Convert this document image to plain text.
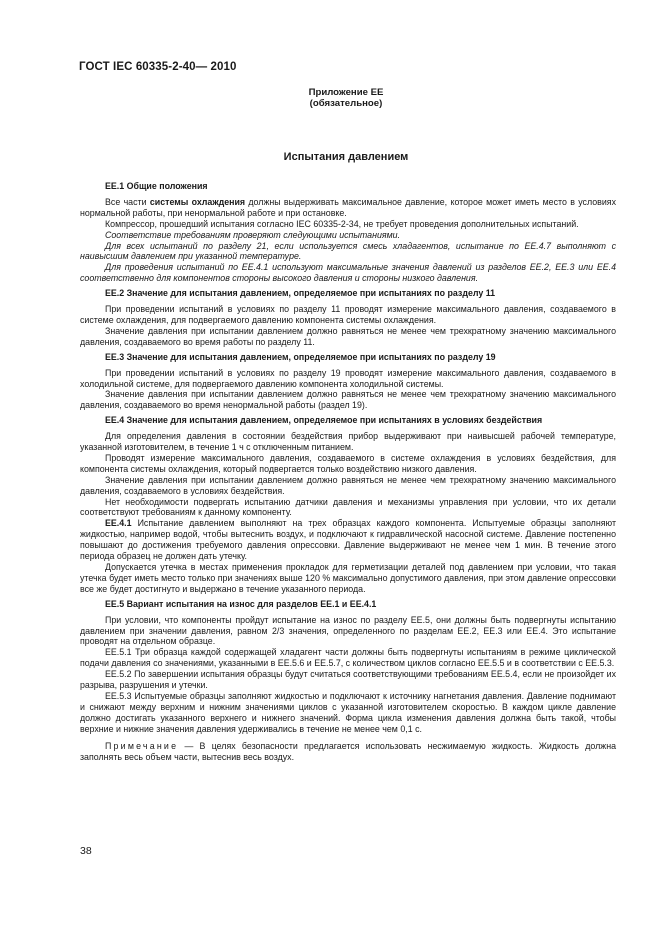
ГОСТ IEC 60335-2-40— 2010
Приложение ЕЕ
(обязательное)
Испытания давлением

ЕЕ.1 Общие положения

Все части системы охлаждения должны выдерживать максимальное давление, которое может иметь место в условиях нормальной работы, при ненормальной работе и при остановке.

Компрессор, прошедший испытания согласно IEC 60335-2-34, не требует проведения дополнительных испытаний.

Соответствие требованиям проверяют следующими испытаниями.

Для всех испытаний по разделу 21, если используется смесь хладагентов, испытание по ЕЕ.4.7 выполняют с наивысшим давлением при указанной температуре.

Для проведения испытаний по ЕЕ.4.1 используют максимальные значения давлений из разделов ЕЕ.2, ЕЕ.3 или ЕЕ.4 соответственно для компонентов стороны высокого давления и стороны низкого давления.

ЕЕ.2 Значение для испытания давлением, определяемое при испытаниях по разделу 11

При проведении испытаний в условиях по разделу 11 проводят измерение максимального давления, создаваемого в системе охлаждения, для подвергаемого давлению компонента системы охлаждения.

Значение давления при испытании давлением должно равняться не менее чем трехкратному значению максимального давления, создаваемого во время работы по разделу 11.

ЕЕ.3 Значение для испытания давлением, определяемое при испытаниях по разделу 19

При проведении испытаний в условиях по разделу 19 проводят измерение максимального давления, создаваемого в холодильной системе, для подвергаемого давлению компонента холодильной системы.

Значение давления при испытании давлением должно равняться не менее чем трехкратному значению максимального давления, создаваемого во время ненормальной работы (раздел 19).

ЕЕ.4 Значение для испытания давлением, определяемое при испытаниях в условиях бездействия

Для определения давления в состоянии бездействия прибор выдерживают при наивысшей рабочей температуре, указанной изготовителем, в течение 1 ч с отключенным питанием.

Проводят измерение максимального давления, создаваемого в системе охлаждения в условиях бездействия, для компонента системы охлаждения, который подвергается только воздействию низкого давления.

Значение давления при испытании давлением должно равняться не менее чем трехкратному значению максимального давления, создаваемого в условиях бездействия.

Нет необходимости подвергать испытанию датчики давления и механизмы управления при условии, что их детали соответствуют требованиям к данному компоненту.

ЕЕ.4.1 Испытание давлением выполняют на трех образцах каждого компонента. Испытуемые образцы заполняют жидкостью, например водой, чтобы вытеснить воздух, и подключают к гидравлической насосной системе. Давление постепенно повышают до достижения требуемого давления опрессовки. Давление выдерживают не менее чем 1 мин. В течение этого периода образец не должен дать утечку.

Допускается утечка в местах применения прокладок для герметизации деталей под давлением при условии, что такая утечка будет иметь место только при значениях выше 120 % максимально допустимого давления, при этом давление опрессовки все же будет достигнуто и выдержано в течение указанного периода.

ЕЕ.5 Вариант испытания на износ для разделов ЕЕ.1 и ЕЕ.4.1

При условии, что компоненты пройдут испытание на износ по разделу ЕЕ.5, они должны быть подвергнуты испытанию давлением при значении давления, равном 2/3 значения, определенного по разделам ЕЕ.2, ЕЕ.3 или ЕЕ.4. Это испытание проводят на отдельном образце.

ЕЕ.5.1 Три образца каждой содержащей хладагент части должны быть подвергнуты испытаниям в режиме циклической подачи давления со значениями, указанными в ЕЕ.5.6 и ЕЕ.5.7, с количеством циклов согласно ЕЕ.5.5 и в соответствии с ЕЕ.5.3.

ЕЕ.5.2 По завершении испытания образцы будут считаться соответствующими требованиям ЕЕ.5.4, если не произойдет их разрыва, разрушения и утечки.

ЕЕ.5.3 Испытуемые образцы заполняют жидкостью и подключают к источнику нагнетания давления. Давление поднимают и снижают между верхним и нижним значениями циклов с указанной изготовителем скоростью. В каждом цикле давление должно достигать указанного верхнего и нижнего значений. Форма цикла изменения давления должна быть такой, чтобы верхние и нижние значения давления удерживались в течение не менее чем 0,1 с.

Примечание — В целях безопасности предлагается использовать несжимаемую жидкость. Жидкость должна заполнять весь объем части, вытеснив весь воздух.

38
